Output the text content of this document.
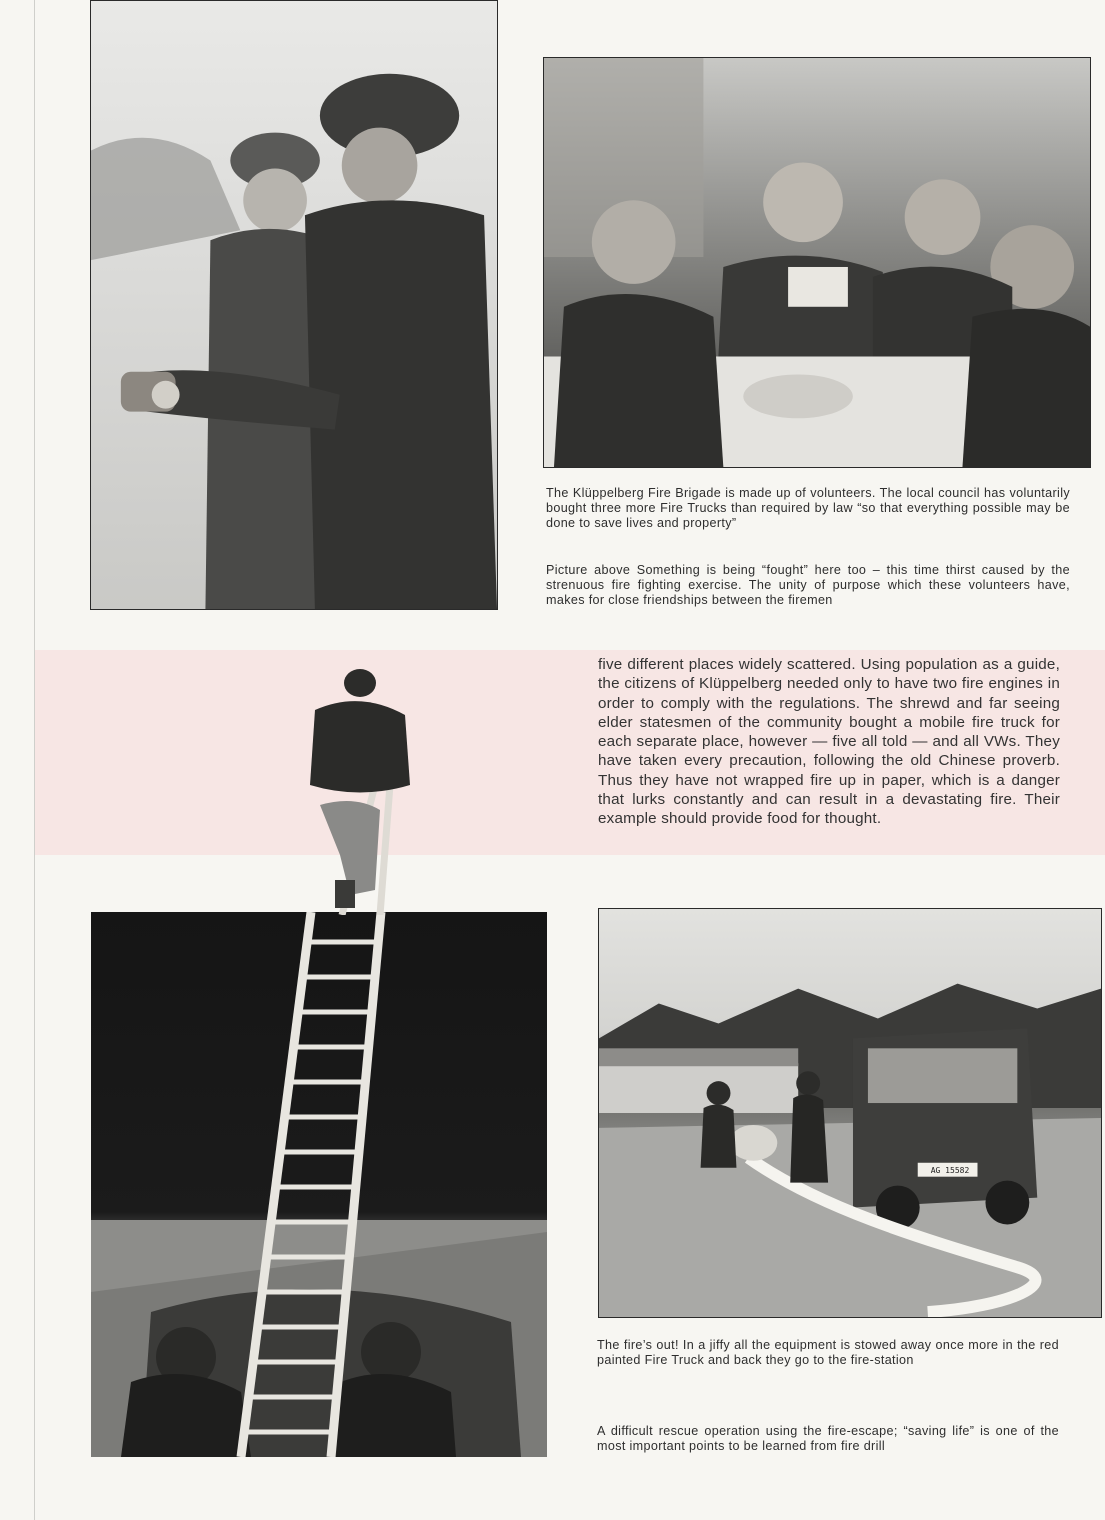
The Klüppelberg Fire Brigade is made up of volunteers. The local council has voluntarily bought three more Fire Trucks than required by law “so that everything possible may be done to save lives and property”
Picture above Something is being “fought” here too – this time thirst caused by the strenuous fire fighting exercise. The unity of purpose which these volunteers have, makes for close friendships between the firemen
five different places widely scattered. Using population as a guide, the citizens of Klüppelberg needed only to have two fire engines in order to comply with the regulations. The shrewd and far seeing elder statesmen of the community bought a mobile fire truck for each separate place, however — five all told — and all VWs. They have taken every precaution, following the old Chinese proverb. Thus they have not wrapped fire up in paper, which is a danger that lurks constantly and can result in a devastating fire. Their example should provide food for thought.
AG 15582
The fire’s out! In a jiffy all the equipment is stowed away once more in the red painted Fire Truck and back they go to the fire-station
A difficult rescue operation using the fire-escape; “saving life” is one of the most important points to be learned from fire drill
